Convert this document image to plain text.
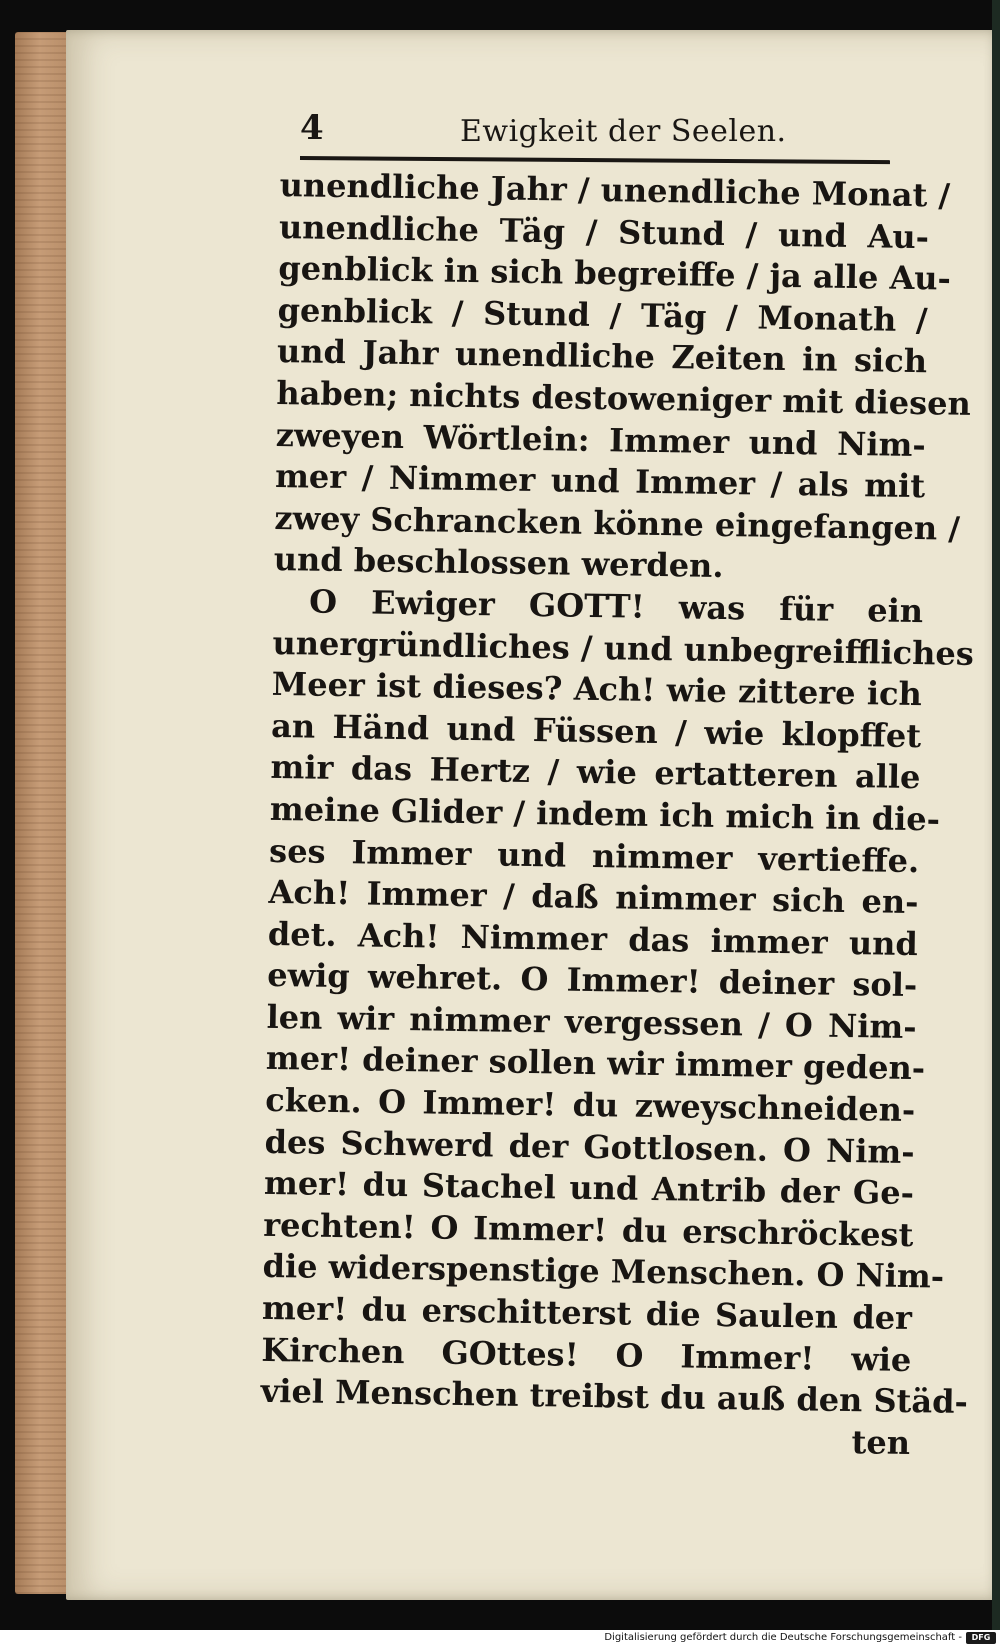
4	Ewigkeit der Seelen.
unendliche Jahr / unendliche Monat /
unendliche Täg / Stund / und Au-
genblick in sich begreiffe / ja alle Au-
genblick / Stund / Täg / Monath /
und Jahr unendliche Zeiten in sich
haben; nichts destoweniger mit diesen
zweyen Wörtlein: Immer und Nim-
mer / Nimmer und Immer / als mit
zwey Schrancken könne eingefangen /
und beschlossen werden.
O Ewiger GOTT! was für ein
unergründliches / und unbegreiffliches
Meer ist dieses? Ach! wie zittere ich
an Händ und Füssen / wie klopffet
mir das Hertz / wie ertatteren alle
meine Glider / indem ich mich in die-
ses Immer und nimmer vertieffe.
Ach! Immer / daß nimmer sich en-
det. Ach! Nimmer das immer und
ewig wehret. O Immer! deiner sol-
len wir nimmer vergessen / O Nim-
mer! deiner sollen wir immer geden-
cken. O Immer! du zweyschneiden-
des Schwerd der Gottlosen. O Nim-
mer! du Stachel und Antrib der Ge-
rechten! O Immer! du erschröckest
die widerspenstige Menschen. O Nim-
mer! du erschitterst die Saulen der
Kirchen GOttes! O Immer! wie
viel Menschen treibst du auß den Städ-
ten
Digitalisierung gefördert durch die Deutsche Forschungsgemeinschaft -	DFG
